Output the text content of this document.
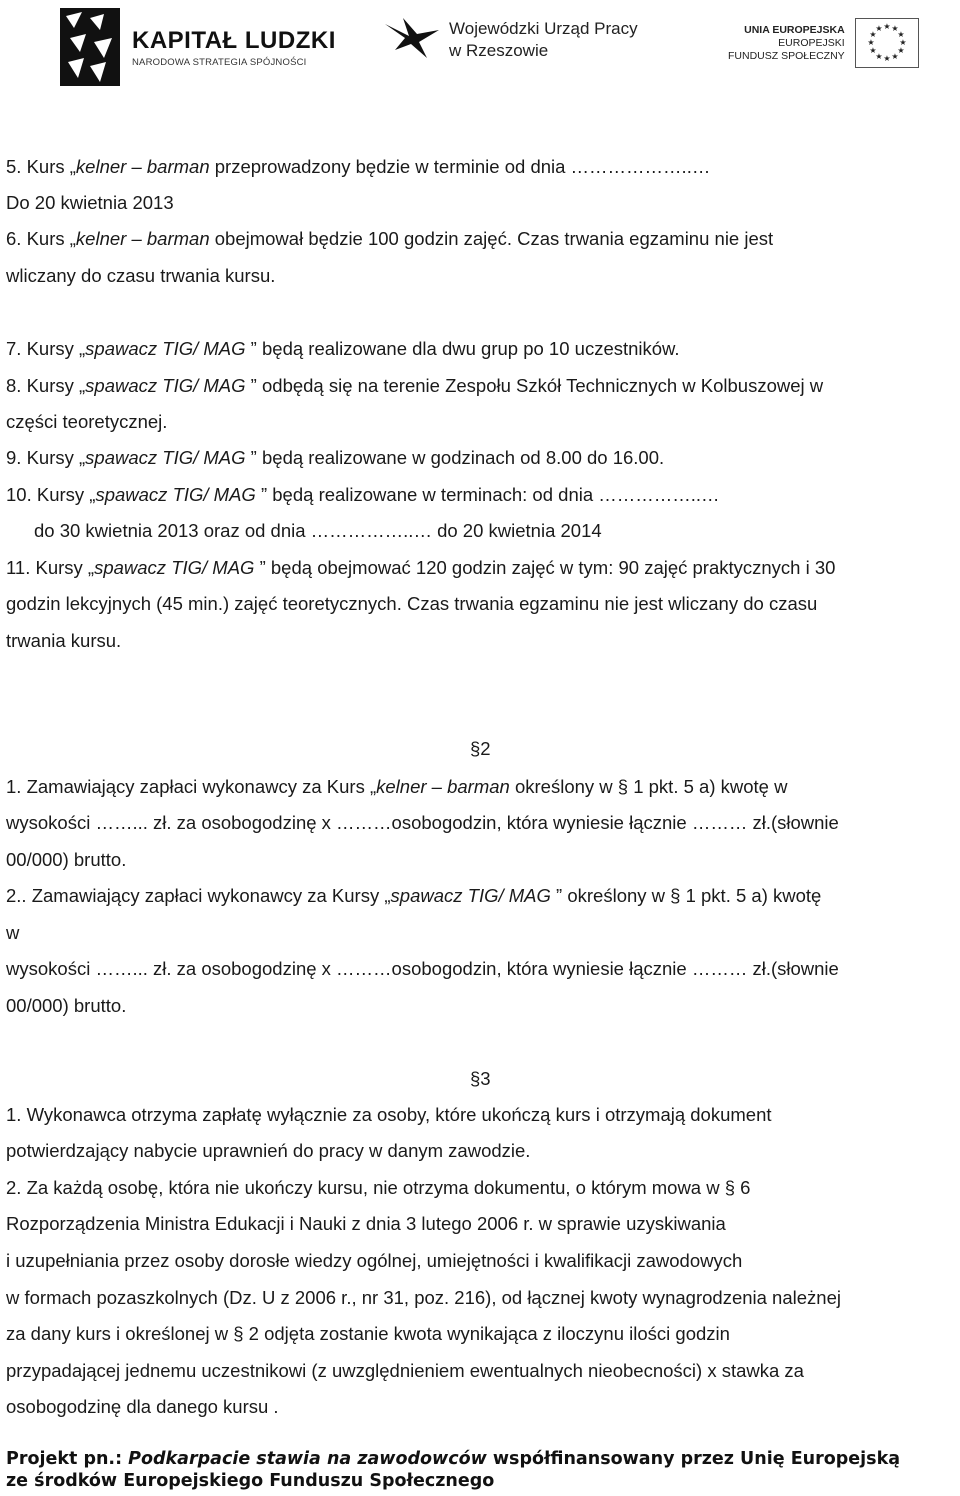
KAPITAŁ LUDZKI
NARODOWA STRATEGIA SPÓJNOŚCI
Wojewódzki Urząd Pracy
w Rzeszowie
UNIA EUROPEJSKA
EUROPEJSKI
FUNDUSZ SPOŁECZNY
★ ★
★
★
★
★
★
★
★
★
★
★
5. Kurs „kelner – barman przeprowadzony będzie w terminie od dnia ………………..…
Do 20 kwietnia 2013
6. Kurs „kelner – barman obejmował będzie 100 godzin zajęć. Czas trwania egzaminu nie jest
wliczany do czasu trwania kursu.
7. Kursy „spawacz TIG/ MAG ” będą realizowane dla dwu grup po 10 uczestników.
8. Kursy „spawacz TIG/ MAG ” odbędą się na terenie Zespołu Szkół Technicznych w Kolbuszowej w
części teoretycznej.
9. Kursy „spawacz TIG/ MAG ” będą realizowane w godzinach od 8.00 do 16.00.
10. Kursy „spawacz TIG/ MAG ” będą realizowane w terminach: od dnia ……………..…
do 30 kwietnia 2013 oraz od dnia ……………..… do 20 kwietnia 2014
11. Kursy „spawacz TIG/ MAG ” będą obejmować 120 godzin zajęć w tym: 90 zajęć praktycznych i 30
godzin lekcyjnych (45 min.) zajęć teoretycznych. Czas trwania egzaminu nie jest wliczany do czasu
trwania kursu.
§2
1. Zamawiający zapłaci wykonawcy za Kurs „kelner – barman określony w § 1 pkt. 5 a) kwotę w
wysokości ……... zł. za osobogodzinę x ………osobogodzin, która wyniesie łącznie ……… zł.(słownie
00/000) brutto.
2.. Zamawiający zapłaci wykonawcy za Kursy „spawacz TIG/ MAG ” określony w § 1 pkt. 5 a) kwotę
w
wysokości ……... zł. za osobogodzinę x ………osobogodzin, która wyniesie łącznie ……… zł.(słownie
00/000) brutto.
§3
1. Wykonawca otrzyma zapłatę wyłącznie za osoby, które ukończą kurs i otrzymają dokument
potwierdzający nabycie uprawnień do pracy w danym zawodzie.
2. Za każdą osobę, która nie ukończy kursu, nie otrzyma dokumentu, o którym mowa w § 6
Rozporządzenia Ministra Edukacji i Nauki z dnia 3 lutego 2006 r. w sprawie uzyskiwania
i uzupełniania przez osoby dorosłe wiedzy ogólnej, umiejętności i kwalifikacji zawodowych
w formach pozaszkolnych (Dz. U z 2006 r., nr 31, poz. 216), od łącznej kwoty wynagrodzenia należnej
za dany kurs i określonej w § 2 odjęta zostanie kwota wynikająca z iloczynu ilości godzin
przypadającej jednemu uczestnikowi (z uwzględnieniem ewentualnych nieobecności) x stawka za
osobogodzinę dla danego kursu .
Projekt pn.: Podkarpacie stawia na zawodowców współfinansowany przez Unię Europejską
ze środków Europejskiego Funduszu Społecznego
